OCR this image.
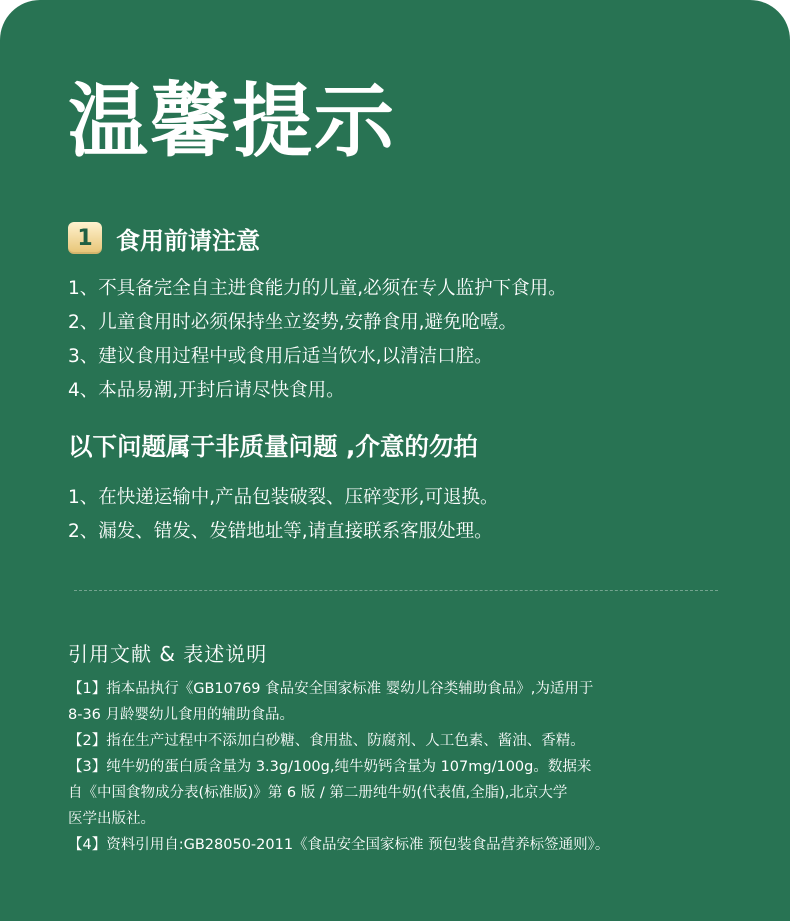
温馨提示
1 食用前请注意
1、不具备完全自主进食能力的儿童,必须在专人监护下食用。
2、儿童食用时必须保持坐立姿势,安静食用,避免呛噎。
3、建议食用过程中或食用后适当饮水,以清洁口腔。
4、本品易潮,开封后请尽快食用。
以下问题属于非质量问题 ,介意的勿拍
1、在快递运输中,产品包装破裂、压碎变形,可退换。
2、漏发、错发、发错地址等,请直接联系客服处理。
引用文献 & 表述说明
【1】指本品执行《GB10769 食品安全国家标准 婴幼儿谷类辅助食品》,为适用于
8-36 月龄婴幼儿食用的辅助食品。
【2】指在生产过程中不添加白砂糖、食用盐、防腐剂、人工色素、酱油、香精。
【3】纯牛奶的蛋白质含量为 3.3g/100g,纯牛奶钙含量为 107mg/100g。数据来
自《中国食物成分表(标准版)》第 6 版 / 第二册纯牛奶(代表值,全脂),北京大学
医学出版社。
【4】资料引用自:GB28050-2011《食品安全国家标准 预包装食品营养标签通则》。
